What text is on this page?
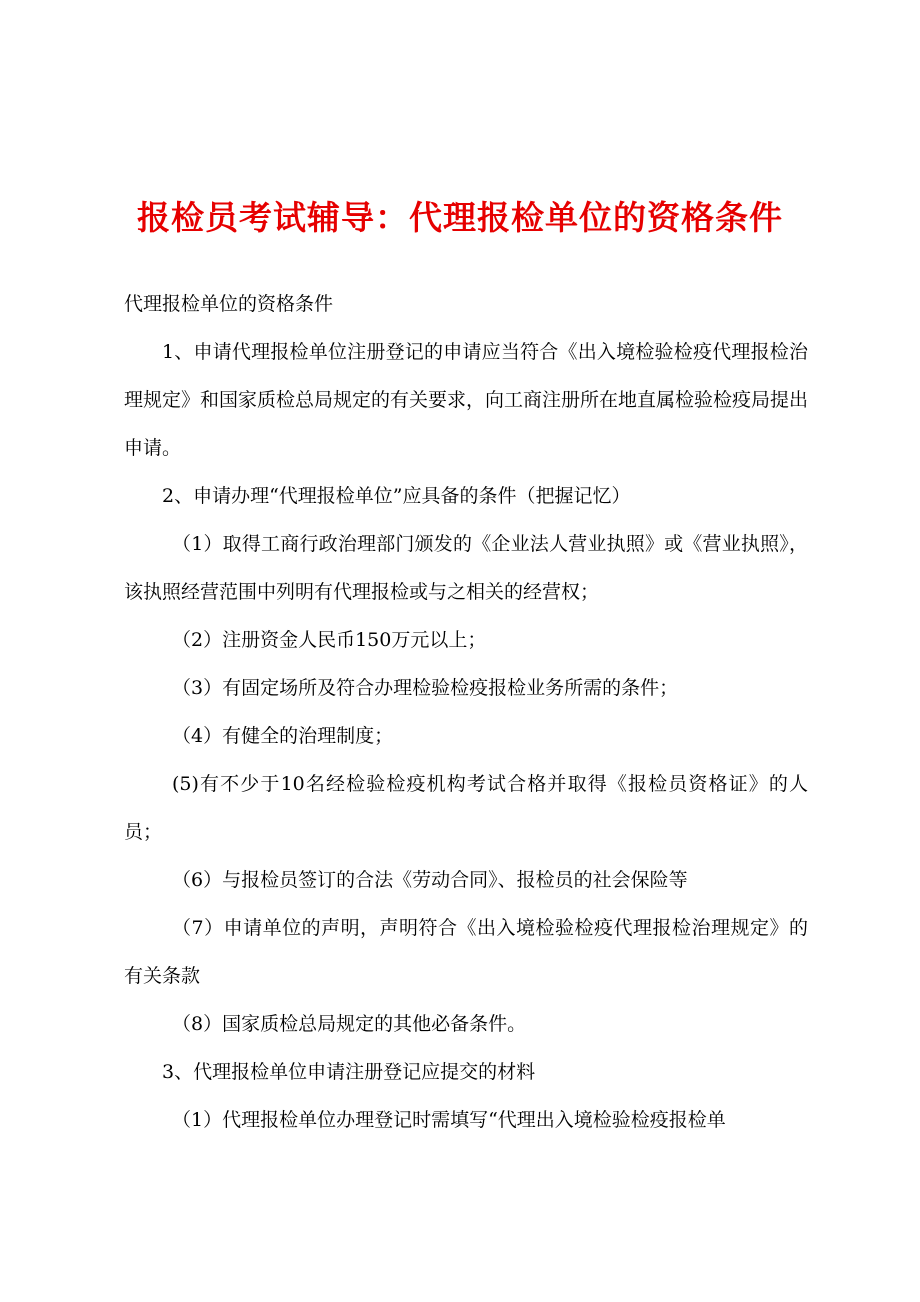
报检员考试辅导：代理报检单位的资格条件

代理报检单位的资格条件

1、申请代理报检单位注册登记的申请应当符合《出入境检验检疫代理报检治理规定》和国家质检总局规定的有关要求，向工商注册所在地直属检验检疫局提出申请。

2、申请办理“代理报检单位”应具备的条件（把握记忆）

（1）取得工商行政治理部门颁发的《企业法人营业执照》或《营业执照》，该执照经营范围中列明有代理报检或与之相关的经营权；

（2）注册资金人民币150万元以上；

（3）有固定场所及符合办理检验检疫报检业务所需的条件；

（4）有健全的治理制度；

(5)有不少于10名经检验检疫机构考试合格并取得《报检员资格证》的人员；

（6）与报检员签订的合法《劳动合同》、报检员的社会保险等

（7）申请单位的声明，声明符合《出入境检验检疫代理报检治理规定》的有关条款

（8）国家质检总局规定的其他必备条件。

3、代理报检单位申请注册登记应提交的材料

（1）代理报检单位办理登记时需填写“代理出入境检验检疫报检单
